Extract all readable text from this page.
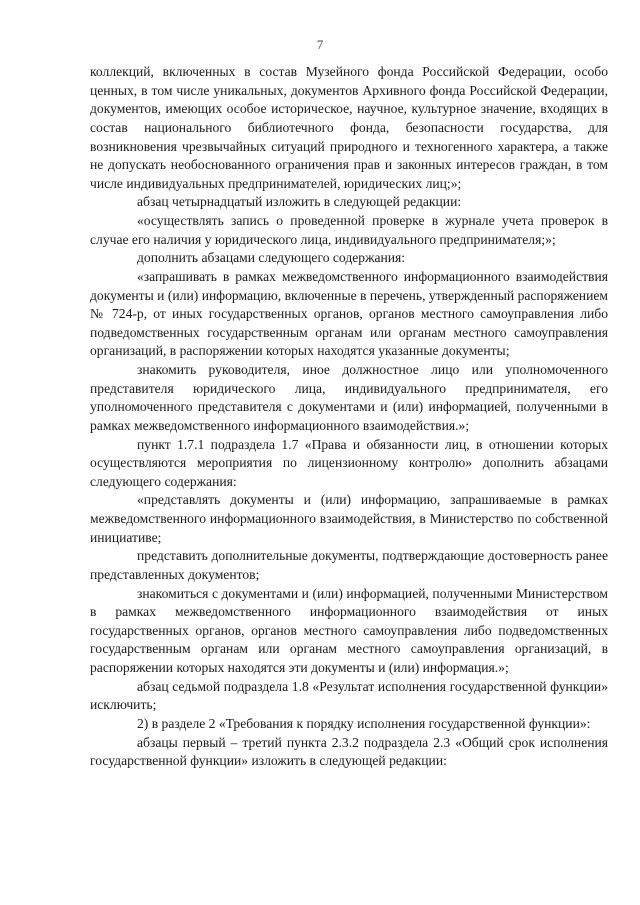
7

коллекций, включенных в состав Музейного фонда Российской Федерации, особо ценных, в том числе уникальных, документов Архивного фонда Российской Федерации, документов, имеющих особое историческое, научное, культурное значение, входящих в состав национального библиотечного фонда, безопасности государства, для возникновения чрезвычайных ситуаций природного и техногенного характера, а также не допускать необоснованного ограничения прав и законных интересов граждан, в том числе индивидуальных предпринимателей, юридических лиц;»;

абзац четырнадцатый изложить в следующей редакции:

«осуществлять запись о проведенной проверке в журнале учета проверок в случае его наличия у юридического лица, индивидуального предпринимателя;»;

дополнить абзацами следующего содержания:

«запрашивать в рамках межведомственного информационного взаимодействия документы и (или) информацию, включенные в перечень, утвержденный распоряжением № 724-р, от иных государственных органов, органов местного самоуправления либо подведомственных государственным органам или органам местного самоуправления организаций, в распоряжении которых находятся указанные документы;

знакомить руководителя, иное должностное лицо или уполномоченного представителя юридического лица, индивидуального предпринимателя, его уполномоченного представителя с документами и (или) информацией, полученными в рамках межведомственного информационного взаимодействия.»;

пункт 1.7.1 подраздела 1.7 «Права и обязанности лиц, в отношении которых осуществляются мероприятия по лицензионному контролю» дополнить абзацами следующего содержания:

«представлять документы и (или) информацию, запрашиваемые в рамках межведомственного информационного взаимодействия, в Министерство по собственной инициативе;

представить дополнительные документы, подтверждающие достоверность ранее представленных документов;

знакомиться с документами и (или) информацией, полученными Министерством в рамках межведомственного информационного взаимодействия от иных государственных органов, органов местного самоуправления либо подведомственных государственным органам или органам местного самоуправления организаций, в распоряжении которых находятся эти документы и (или) информация.»;

абзац седьмой подраздела 1.8 «Результат исполнения государственной функции» исключить;

2) в разделе 2 «Требования к порядку исполнения государственной функции»:

абзацы первый – третий пункта 2.3.2 подраздела 2.3 «Общий срок исполнения государственной функции» изложить в следующей редакции:
